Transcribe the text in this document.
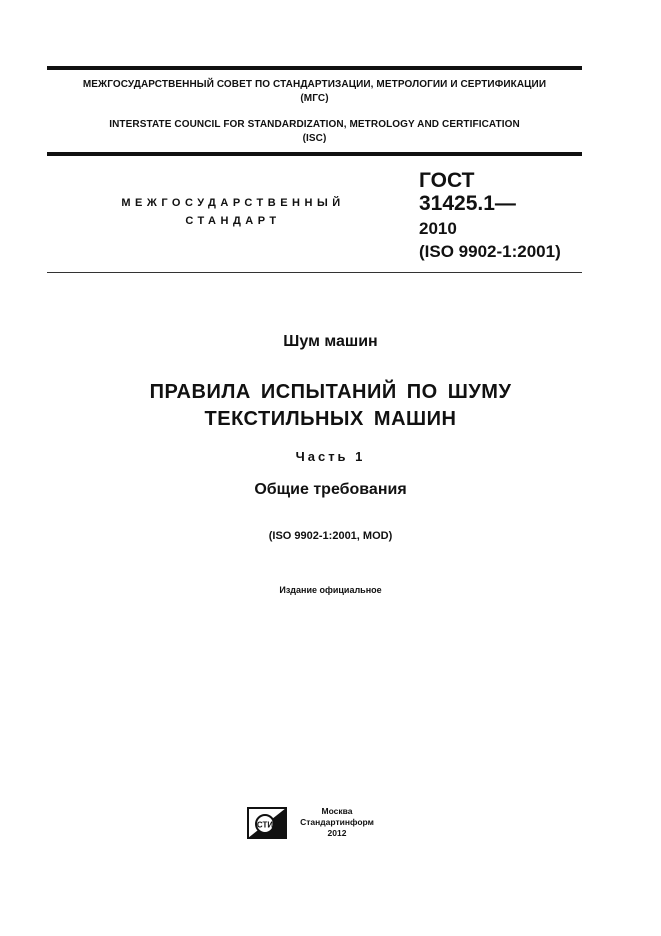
МЕЖГОСУДАРСТВЕННЫЙ СОВЕТ ПО СТАНДАРТИЗАЦИИ, МЕТРОЛОГИИ И СЕРТИФИКАЦИИ
(МГС)
INTERSTATE COUNCIL FOR STANDARDIZATION, METROLOGY AND CERTIFICATION
(ISC)
МЕЖГОСУДАРСТВЕННЫЙ
СТАНДАРТ
ГОСТ
31425.1—
2010
(ISO 9902-1:2001)
Шум машин
ПРАВИЛА ИСПЫТАНИЙ ПО ШУМУ
ТЕКСТИЛЬНЫХ МАШИН
Часть 1
Общие требования
(ISO 9902-1:2001, MOD)
Издание официальное
СТИ
Москва
Стандартинформ
2012
